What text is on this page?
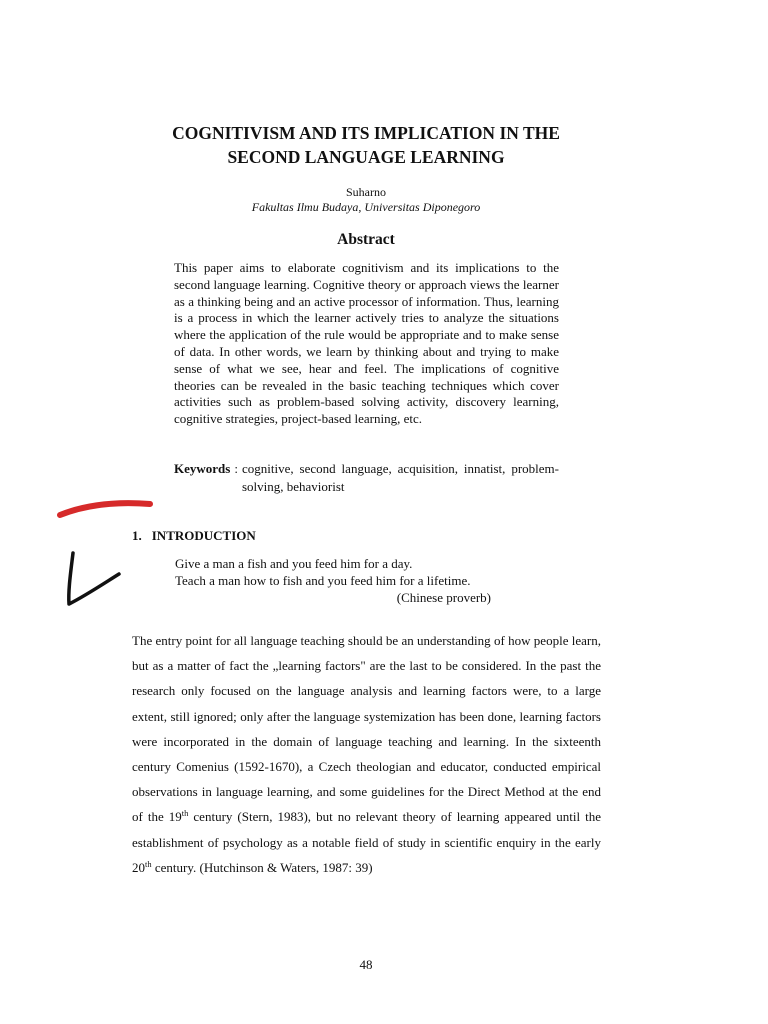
COGNITIVISM AND ITS IMPLICATION IN THE
SECOND LANGUAGE LEARNING
Suharno
Fakultas Ilmu Budaya, Universitas Diponegoro
Abstract

This paper aims to elaborate cognitivism and its implications to the second language learning. Cognitive theory or approach views the learner as a thinking being and an active processor of information. Thus, learning is a process in which the learner actively tries to analyze the situations where the application of the rule would be appropriate and to make sense of data. In other words, we learn by thinking about and trying to make sense of what we see, hear and feel. The implications of cognitive theories can be revealed in the basic teaching techniques which cover activities such as problem-based solving activity, discovery learning, cognitive strategies, project-based learning, etc.

Keywords : cognitive, second language, acquisition, innatist, problem-solving, behaviorist
1. INTRODUCTION
Give a man a fish and you feed him for a day.
Teach a man how to fish and you feed him for a lifetime.
(Chinese proverb)

The entry point for all language teaching should be an understanding of how people learn, but as a matter of fact the „learning factors" are the last to be considered. In the past the research only focused on the language analysis and learning factors were, to a large extent, still ignored; only after the language systemization has been done, learning factors were incorporated in the domain of language teaching and learning. In the sixteenth century Comenius (1592-1670), a Czech theologian and educator, conducted empirical observations in language learning, and some guidelines for the Direct Method at the end of the 19th century (Stern, 1983), but no relevant theory of learning appeared until the establishment of psychology as a notable field of study in scientific enquiry in the early 20th century. (Hutchinson & Waters, 1987: 39)

48
